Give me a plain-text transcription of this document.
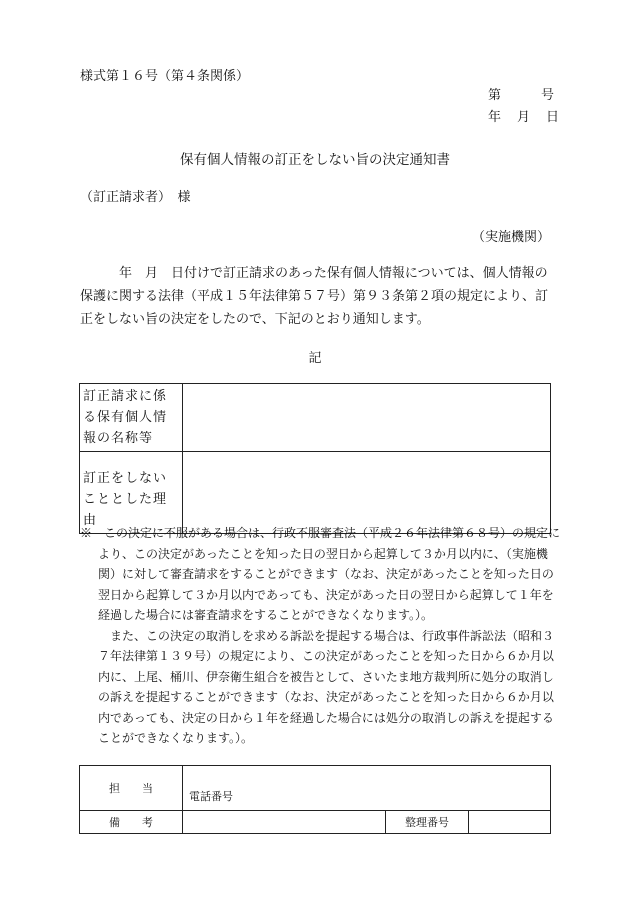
様式第１６号（第４条関係）
第	号
年 月 日
保有個人情報の訂正をしない旨の決定通知書
（訂正請求者）　様
（実施機関）

年　月　日付けで訂正請求のあった保有個人情報については、個人情報の保護に関する法律（平成１５年法律第５７号）第９３条第２項の規定により、訂正をしない旨の決定をしたので、下記のとおり通知します。

記
訂正請求に係る保有個人情報の名称等	
訂正をしないこととした理由	

※　この決定に不服がある場合は、行政不服審査法（平成２６年法律第６８号）の規定により、この決定があったことを知った日の翌日から起算して３か月以内に、（実施機関）に対して審査請求をすることができます（なお、決定があったことを知った日の翌日から起算して３か月以内であっても、決定があった日の翌日から起算して１年を経過した場合には審査請求をすることができなくなります。）。

　また、この決定の取消しを求める訴訟を提起する場合は、行政事件訴訟法（昭和３７年法律第１３９号）の規定により、この決定があったことを知った日から６か月以内に、上尾、桶川、伊奈衛生組合を被告として、さいたま地方裁判所に処分の取消しの訴えを提起することができます（なお、決定があったことを知った日から６か月以内であっても、決定の日から１年を経過した場合には処分の取消しの訴えを提起することができなくなります。）。

担　　当	電話番号		
備　　考		整理番号	
